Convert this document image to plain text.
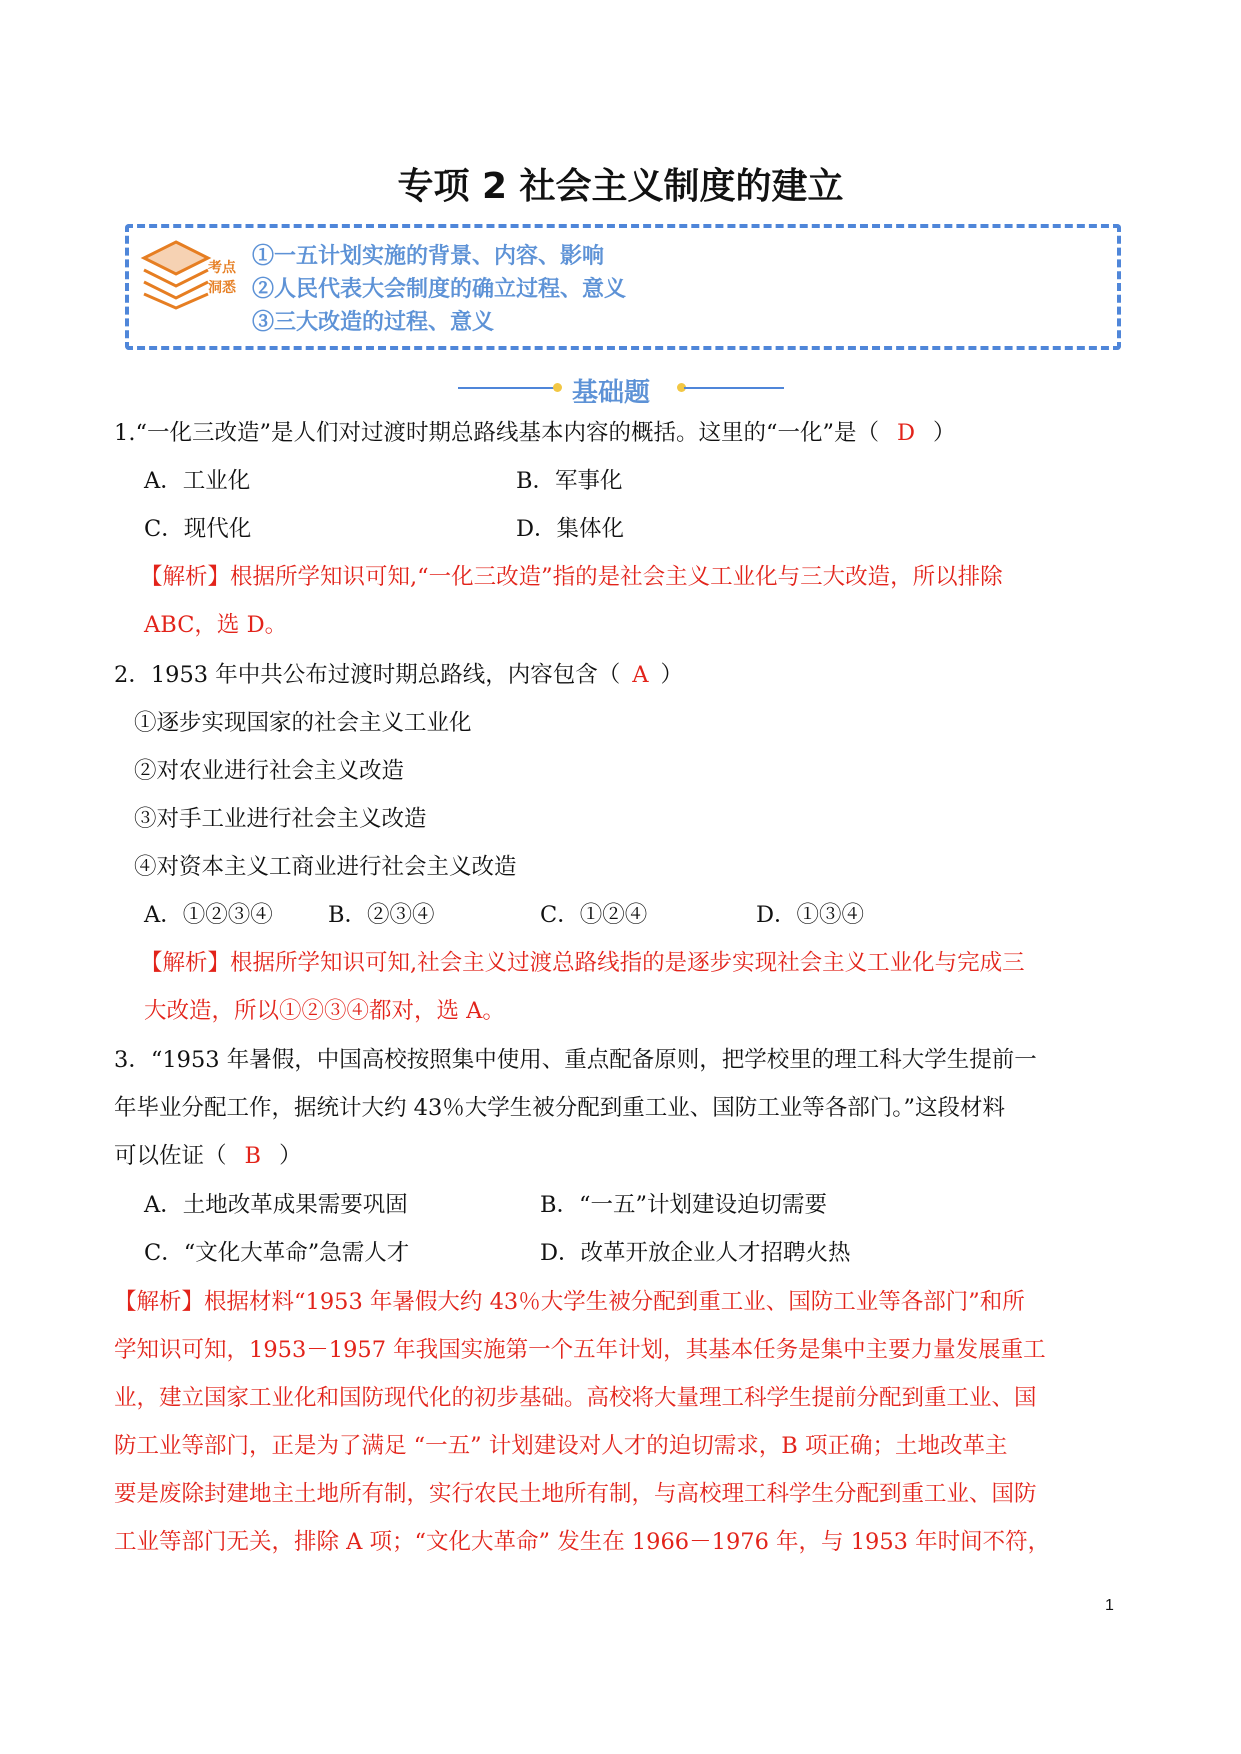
专项 2 社会主义制度的建立
考点
洞悉
①一五计划实施的背景、内容、影响
②人民代表大会制度的确立过程、意义
③三大改造的过程、意义
基础题
1.“一化三改造”是人们对过渡时期总路线基本内容的概括。这里的“一化”是（ D ）
A．工业化	B．军事化
C．现代化	D．集体化
【解析】根据所学知识可知,“一化三改造”指的是社会主义工业化与三大改造，所以排除
ABC，选 D。
2．1953 年中共公布过渡时期总路线，内容包含（ A ）
①逐步实现国家的社会主义工业化
②对农业进行社会主义改造
③对手工业进行社会主义改造
④对资本主义工商业进行社会主义改造
A．①②③④ B．②③④	C．①②④	D．①③④
【解析】根据所学知识可知,社会主义过渡总路线指的是逐步实现社会主义工业化与完成三
大改造，所以①②③④都对，选 A。
3．“1953 年暑假，中国高校按照集中使用、重点配备原则，把学校里的理工科大学生提前一
年毕业分配工作，据统计大约 43％大学生被分配到重工业、国防工业等各部门。”这段材料
可以佐证（ B ）
A．土地改革成果需要巩固	B．“一五”计划建设迫切需要
C．“文化大革命”急需人才	D．改革开放企业人才招聘火热
【解析】根据材料“1953 年暑假大约 43％大学生被分配到重工业、国防工业等各部门”和所
学知识可知，1953－1957 年我国实施第一个五年计划，其基本任务是集中主要力量发展重工
业，建立国家工业化和国防现代化的初步基础。高校将大量理工科学生提前分配到重工业、国
防工业等部门，正是为了满足 “一五” 计划建设对人才的迫切需求，B 项正确；土地改革主
要是废除封建地主土地所有制，实行农民土地所有制，与高校理工科学生分配到重工业、国防
工业等部门无关，排除 A 项；“文化大革命” 发生在 1966－1976 年，与 1953 年时间不符，
1
